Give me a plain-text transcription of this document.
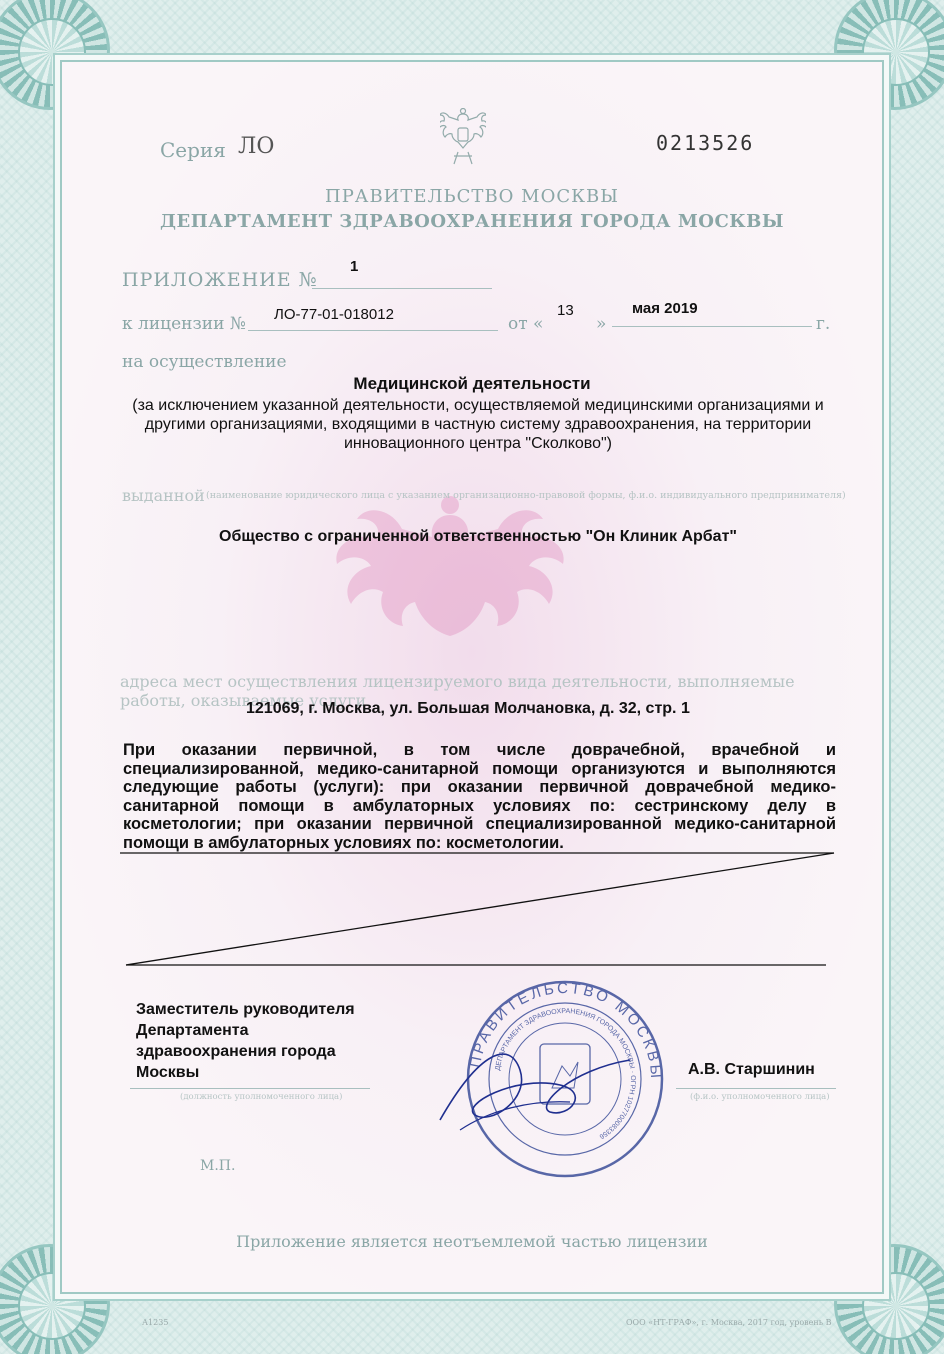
Серия ЛО	0213526
ПРАВИТЕЛЬСТВО МОСКВЫ
ДЕПАРТАМЕНТ ЗДРАВООХРАНЕНИЯ ГОРОДА МОСКВЫ
ПРИЛОЖЕНИЕ №
1
к лицензии № ЛО-77-01-018012	от «
13
»
мая 2019
г.
на осуществление
Медицинской деятельности
(за исключением указанной деятельности, осуществляемой медицинскими организациями и другими организациями, входящими в частную систему здравоохранения, на территории инновационного центра "Сколково")
выданной (наименование юридического лица с указанием организационно-правовой формы, ф.и.о. индивидуального предпринимателя)
Общество с ограниченной ответственностью "Он Клиник Арбат"
адреса мест осуществления лицензируемого вида деятельности, выполняемые работы, оказываемые услуги
121069, г. Москва, ул. Большая Молчановка, д. 32, стр. 1
При оказании первичной, в том числе доврачебной, врачебной и специализированной, медико-санитарной помощи организуются и выполняются следующие работы (услуги): при оказании первичной доврачебной медико-санитарной помощи в амбулаторных условиях по: сестринскому делу в косметологии; при оказании первичной специализированной медико-санитарной помощи в амбулаторных условиях по: косметологии.
Заместитель руководителя
Департамента
здравоохранения города
Москвы
(должность уполномоченного лица)
А.В. Старшинин
(ф.и.о. уполномоченного лица)
ПРАВИТЕЛЬСТВО МОСКВЫ
ДЕПАРТАМЕНТ ЗДРАВООХРАНЕНИЯ ГОРОДА МОСКВЫ · ОГРН 1027700083356
М.П.
Приложение является неотъемлемой частью лицензии
А1235	ООО «НТ-ГРАФ», г. Москва, 2017 год, уровень В
